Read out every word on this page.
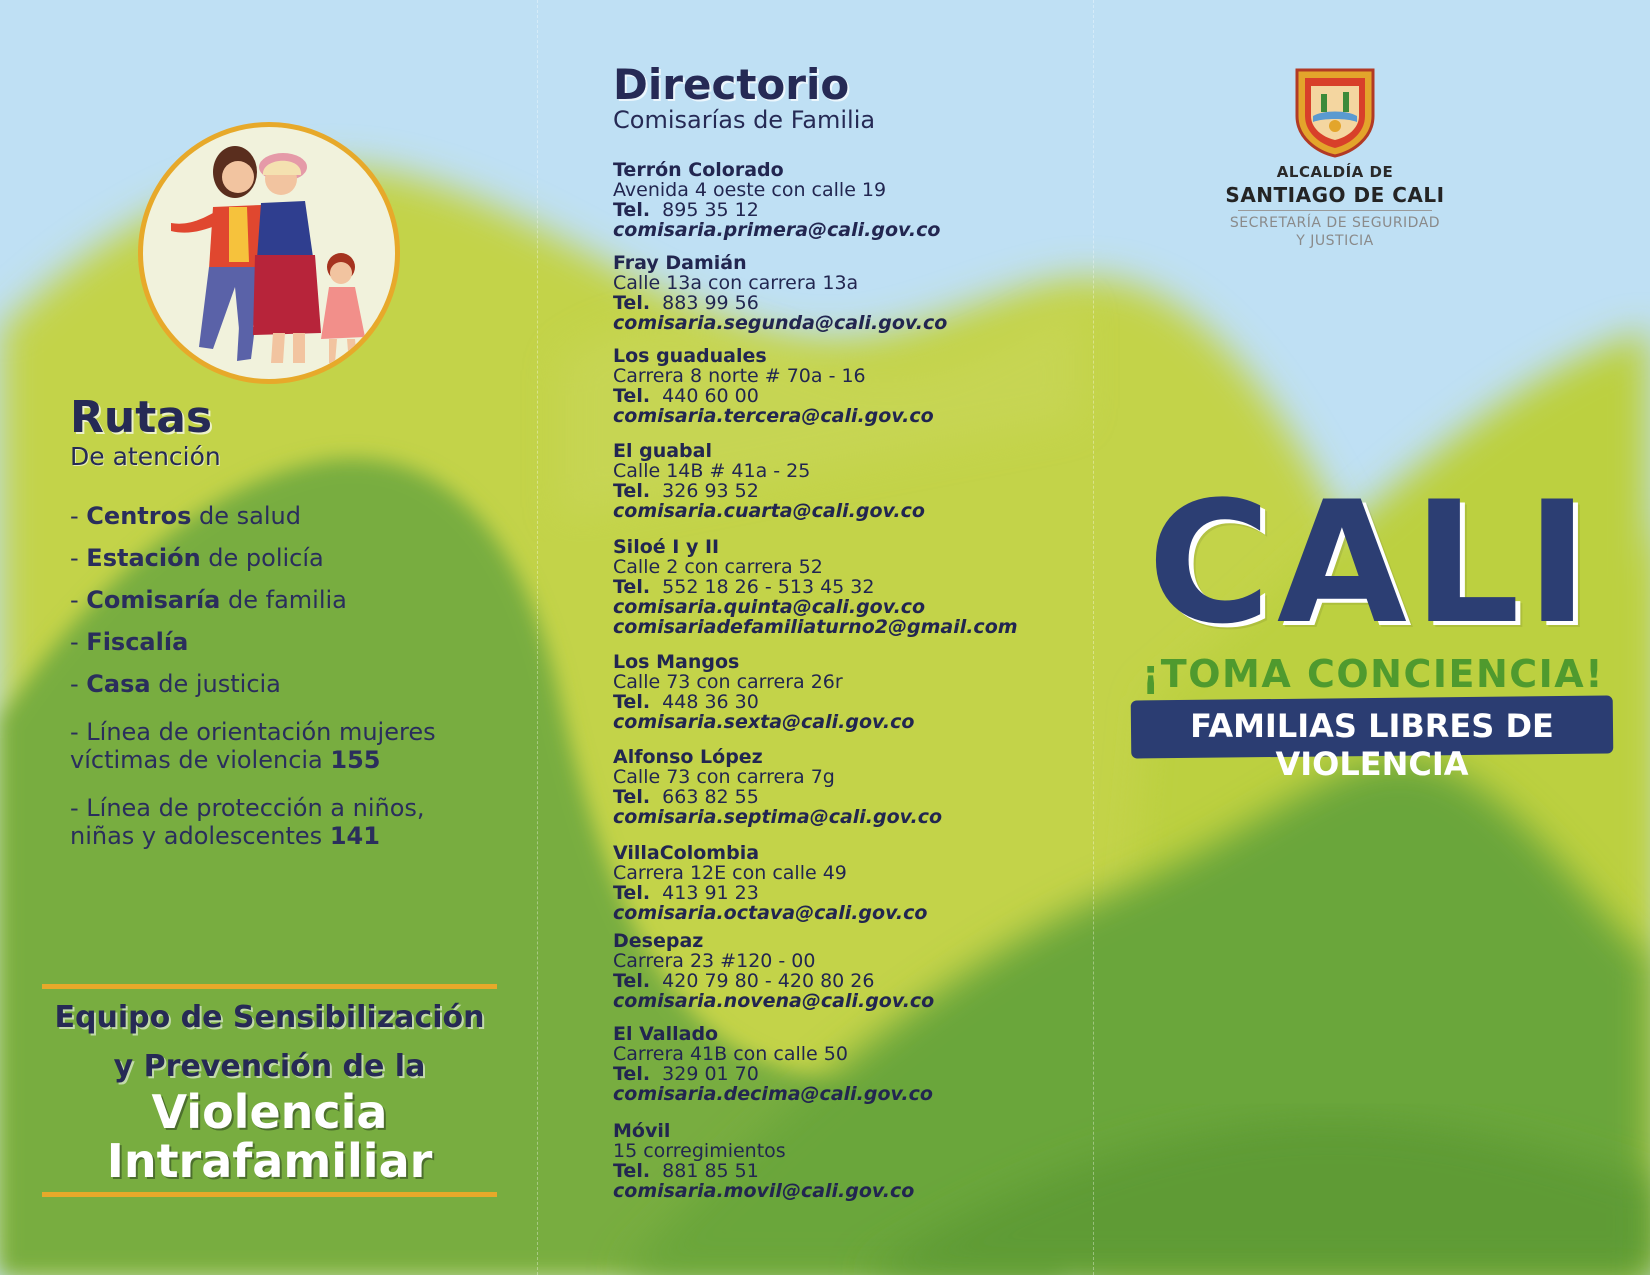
Rutas
De atención
- Centros de salud
- Estación de policía
- Comisaría de familia
- Fiscalía
- Casa de justicia
- Línea de orientación mujeres víctimas de violencia 155
- Línea de protección a niños, niñas y adolescentes 141
Equipo de Sensibilización
y Prevención de la
Violencia
Intrafamiliar
Directorio
Comisarías de Familia
Terrón Colorado
Avenida 4 oeste con calle 19
Tel. 895 35 12
comisaria.primera@cali.gov.co
Fray Damián
Calle 13a con carrera 13a
Tel. 883 99 56
comisaria.segunda@cali.gov.co
Los guaduales
Carrera 8 norte # 70a - 16
Tel. 440 60 00
comisaria.tercera@cali.gov.co
El guabal
Calle 14B # 41a - 25
Tel. 326 93 52
comisaria.cuarta@cali.gov.co
Siloé I y II
Calle 2 con carrera 52
Tel. 552 18 26 - 513 45 32
comisaria.quinta@cali.gov.co
comisariadefamiliaturno2@gmail.com
Los Mangos
Calle 73 con carrera 26r
Tel. 448 36 30
comisaria.sexta@cali.gov.co
Alfonso López
Calle 73 con carrera 7g
Tel. 663 82 55
comisaria.septima@cali.gov.co
VillaColombia
Carrera 12E con calle 49
Tel. 413 91 23
comisaria.octava@cali.gov.co
Desepaz
Carrera 23 #120 - 00
Tel. 420 79 80 - 420 80 26
comisaria.novena@cali.gov.co
El Vallado
Carrera 41B con calle 50
Tel. 329 01 70
comisaria.decima@cali.gov.co
Móvil
15 corregimientos
Tel. 881 85 51
comisaria.movil@cali.gov.co
ALCALDÍA DE
SANTIAGO DE CALI
SECRETARÍA DE SEGURIDAD
Y JUSTICIA
CALI
¡TOMA CONCIENCIA!
FAMILIAS LIBRES DE VIOLENCIA
